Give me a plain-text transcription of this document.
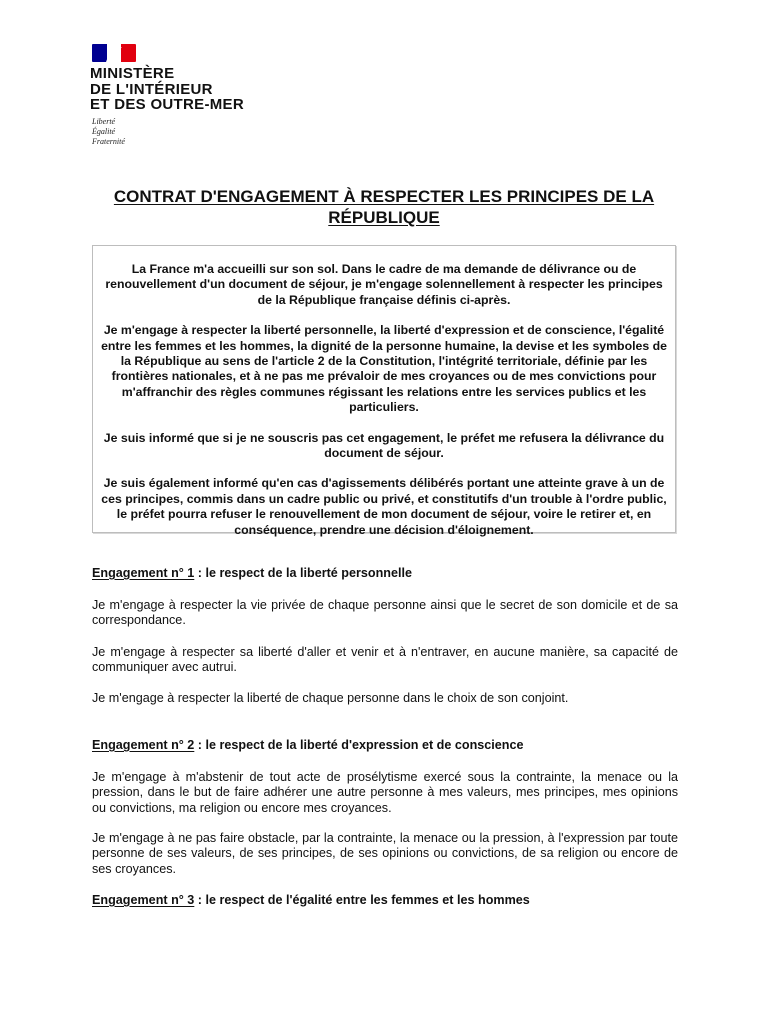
MINISTÈRE
DE L'INTÉRIEUR
ET DES OUTRE-MER
Liberté
Égalité
Fraternité
CONTRAT D'ENGAGEMENT À RESPECTER LES PRINCIPES DE LA RÉPUBLIQUE

La France m'a accueilli sur son sol. Dans le cadre de ma demande de délivrance ou de renouvellement d'un document de séjour, je m'engage solennellement à respecter les principes de la République française définis ci-après.

Je m'engage à respecter la liberté personnelle, la liberté d'expression et de conscience, l'égalité entre les femmes et les hommes, la dignité de la personne humaine, la devise et les symboles de la République au sens de l'article 2 de la Constitution, l'intégrité territoriale, définie par les frontières nationales, et à ne pas me prévaloir de mes croyances ou de mes convictions pour m'affranchir des règles communes régissant les relations entre les services publics et les particuliers.

Je suis informé que si je ne souscris pas cet engagement, le préfet me refusera la délivrance du document de séjour.

Je suis également informé qu'en cas d'agissements délibérés portant une atteinte grave à un de ces principes, commis dans un cadre public ou privé, et constitutifs d'un trouble à l'ordre public, le préfet pourra refuser le renouvellement de mon document de séjour, voire le retirer et, en conséquence, prendre une décision d'éloignement.

Engagement n° 1 : le respect de la liberté personnelle
Je m'engage à respecter la vie privée de chaque personne ainsi que le secret de son domicile et de sa correspondance.
Je m'engage à respecter sa liberté d'aller et venir et à n'entraver, en aucune manière, sa capacité de communiquer avec autrui.
Je m'engage à respecter la liberté de chaque personne dans le choix de son conjoint.
Engagement n° 2 : le respect de la liberté d'expression et de conscience
Je m'engage à m'abstenir de tout acte de prosélytisme exercé sous la contrainte, la menace ou la pression, dans le but de faire adhérer une autre personne à mes valeurs, mes principes, mes opinions ou convictions, ma religion ou encore mes croyances.
Je m'engage à ne pas faire obstacle, par la contrainte, la menace ou la pression, à l'expression par toute personne de ses valeurs, de ses principes, de ses opinions ou convictions, de sa religion ou encore de ses croyances.
Engagement n° 3 : le respect de l'égalité entre les femmes et les hommes
